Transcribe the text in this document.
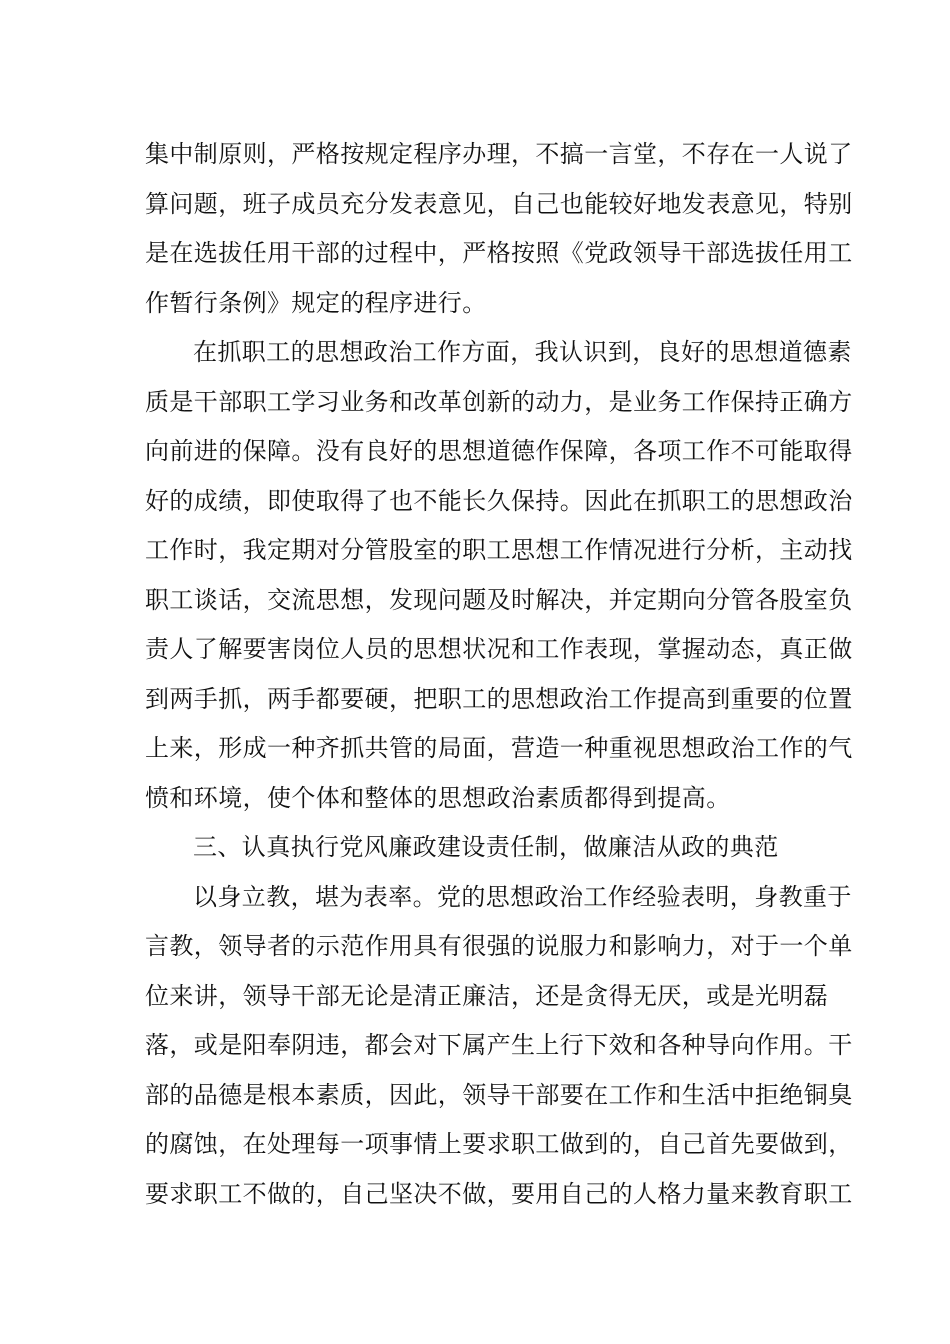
集中制原则，严格按规定程序办理，不搞一言堂，不存在一人说了
算问题，班子成员充分发表意见，自己也能较好地发表意见，特别
是在选拔任用干部的过程中，严格按照《党政领导干部选拔任用工
作暂行条例》规定的程序进行。
在抓职工的思想政治工作方面，我认识到，良好的思想道德素
质是干部职工学习业务和改革创新的动力，是业务工作保持正确方
向前进的保障。没有良好的思想道德作保障，各项工作不可能取得
好的成绩，即使取得了也不能长久保持。因此在抓职工的思想政治
工作时，我定期对分管股室的职工思想工作情况进行分析，主动找
职工谈话，交流思想，发现问题及时解决，并定期向分管各股室负
责人了解要害岗位人员的思想状况和工作表现，掌握动态，真正做
到两手抓，两手都要硬，把职工的思想政治工作提高到重要的位置
上来，形成一种齐抓共管的局面，营造一种重视思想政治工作的气
愤和环境，使个体和整体的思想政治素质都得到提高。
三、认真执行党风廉政建设责任制，做廉洁从政的典范
以身立教，堪为表率。党的思想政治工作经验表明，身教重于
言教，领导者的示范作用具有很强的说服力和影响力，对于一个单
位来讲，领导干部无论是清正廉洁，还是贪得无厌，或是光明磊
落，或是阳奉阴违，都会对下属产生上行下效和各种导向作用。干
部的品德是根本素质，因此，领导干部要在工作和生活中拒绝铜臭
的腐蚀，在处理每一项事情上要求职工做到的，自己首先要做到，
要求职工不做的，自己坚决不做，要用自己的人格力量来教育职工
